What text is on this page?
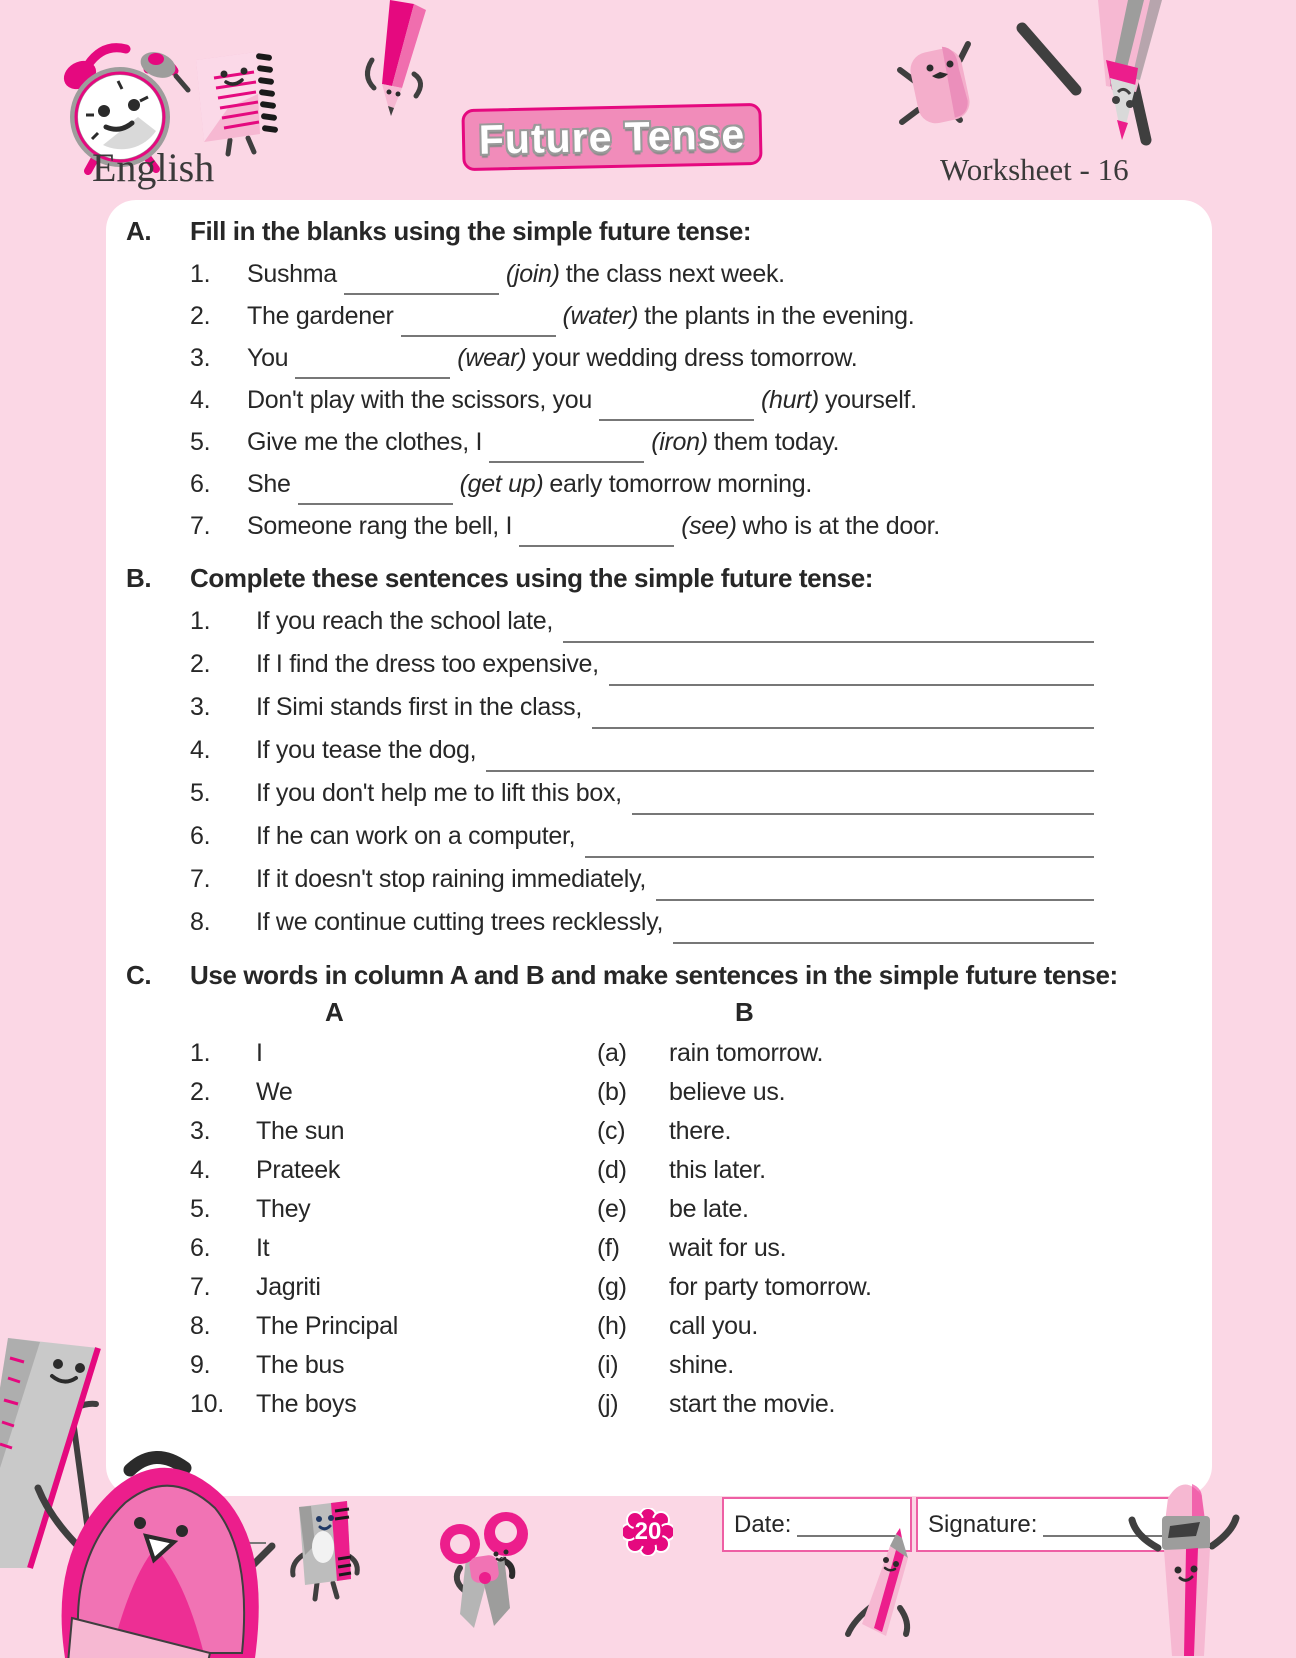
English
Future Tense
Worksheet - 16
A.	Fill in the blanks using the simple future tense:
1.	Sushma	(join) the class next week.
2.	The gardener	(water) the plants in the evening.
3.	You	(wear) your wedding dress tomorrow.
4.	Don't play with the scissors, you	(hurt) yourself.
5.	Give me the clothes, I	(iron) them today.
6.	She	(get up) early tomorrow morning.
7.	Someone rang the bell, I	(see) who is at the door.
B.	Complete these sentences using the simple future tense:
1.	If you reach the school late,
2.	If I find the dress too expensive,
3.	If Simi stands first in the class,
4.	If you tease the dog,
5.	If you don't help me to lift this box,
6.	If he can work on a computer,
7.	If it doesn't stop raining immediately,
8.	If we continue cutting trees recklessly,
C.	Use words in column A and B and make sentences in the simple future tense:
A	B
1.	I	(a)	rain tomorrow.
2.	We	(b)	believe us.
3.	The sun	(c)	there.
4.	Prateek	(d)	this later.
5.	They	(e)	be late.
6.	It	(f)	wait for us.
7.	Jagriti	(g)	for party tomorrow.
8.	The Principal	(h)	call you.
9.	The bus	(i)	shine.
10.	The boys	(j)	start the movie.
20	Date:	Signature:
